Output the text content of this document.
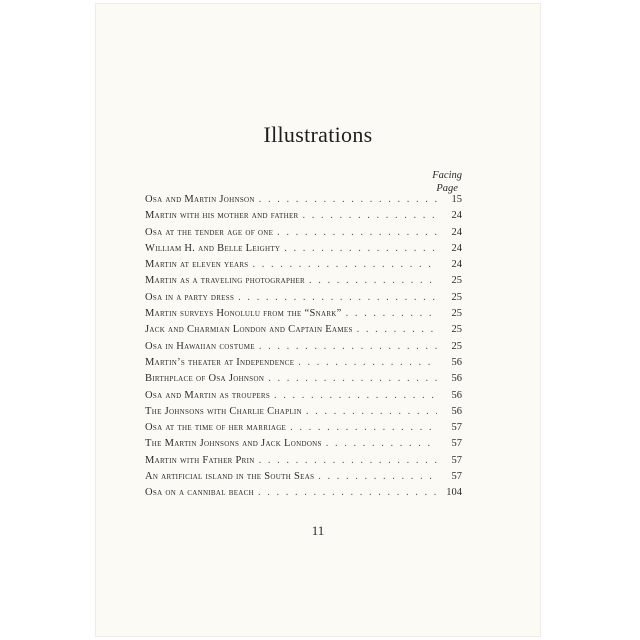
Illustrations
Facing
Page
Osa and Martin Johnson . . .	15
Martin with his mother and father . . .	24
Osa at the tender age of one . . .	24
William H. and Belle Leighty . . .	24
Martin at eleven years . . .	24
Martin as a traveling photographer . . .	25
Osa in a party dress . . .	25
Martin surveys Honolulu from the “Snark” . . .	25
Jack and Charmian London and Captain Eames . . .	25
Osa in Hawaiian costume . . .	25
Martin’s theater at Independence . . .	56
Birthplace of Osa Johnson . . .	56
Osa and Martin as troupers . . .	56
The Johnsons with Charlie Chaplin . . .	56
Osa at the time of her marriage . . .	57
The Martin Johnsons and Jack Londons . . .	57
Martin with Father Prin . . .	57
An artificial island in the South Seas . . .	57
Osa on a cannibal beach . . .	104
11
